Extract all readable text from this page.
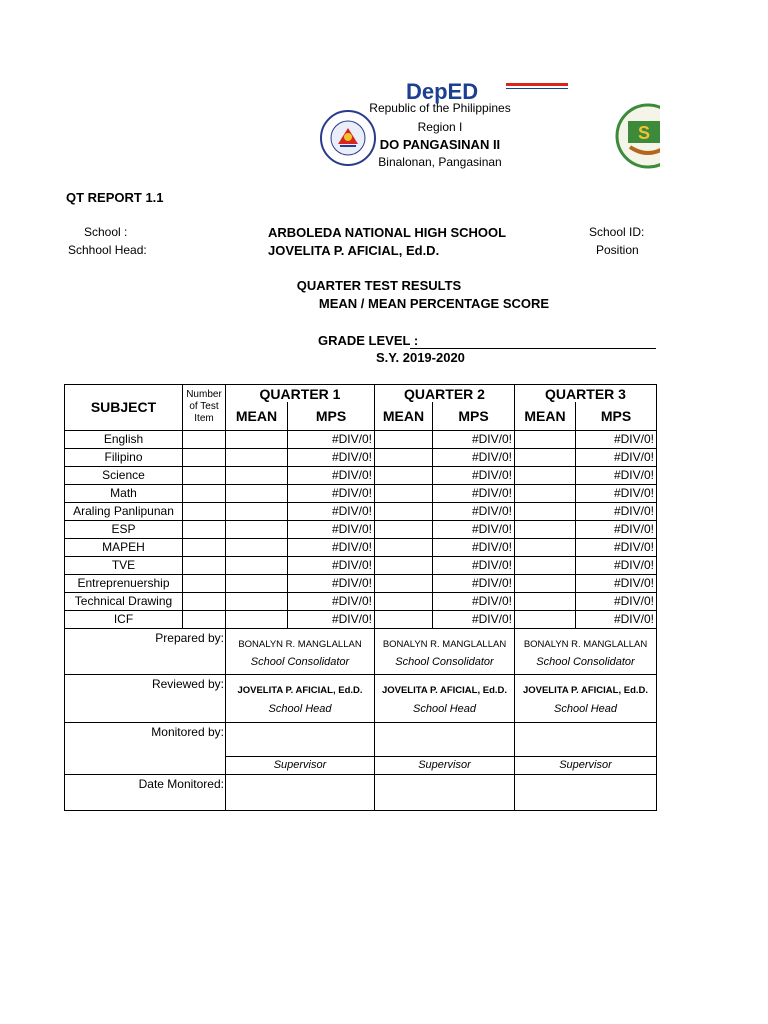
DepED
S
Republic of the Philippines
Region I
DO PANGASINAN II
Binalonan, Pangasinan
QT REPORT 1.1
School :	ARBOLEDA NATIONAL HIGH SCHOOL	School ID:
Schhool Head:	JOVELITA P. AFICIAL, Ed.D.	Position
QUARTER TEST RESULTS
MEAN / MEAN PERCENTAGE SCORE
GRADE LEVEL :
S.Y. 2019-2020
SUBJECT	Number
of Test
Item	QUARTER 1		QUARTER 2		QUARTER 3	
		MEAN	MPS	MEAN	MPS	MEAN	MPS

English			#DIV/0!		#DIV/0!		#DIV/0!
Filipino			#DIV/0!		#DIV/0!		#DIV/0!
Science			#DIV/0!		#DIV/0!		#DIV/0!
Math			#DIV/0!		#DIV/0!		#DIV/0!
Araling Panlipunan			#DIV/0!		#DIV/0!		#DIV/0!
ESP			#DIV/0!		#DIV/0!		#DIV/0!
MAPEH			#DIV/0!		#DIV/0!		#DIV/0!
TVE			#DIV/0!		#DIV/0!		#DIV/0!
Entreprenuership			#DIV/0!		#DIV/0!		#DIV/0!
Technical Drawing			#DIV/0!		#DIV/0!		#DIV/0!
ICF			#DIV/0!		#DIV/0!		#DIV/0!
Prepared by:		BONALYN R. MANGLALLAN		BONALYN R. MANGLALLAN		BONALYN R. MANGLALLAN	
		School Consolidator		School Consolidator		School Consolidator	
Reviewed by:		JOVELITA P. AFICIAL, Ed.D.		JOVELITA P. AFICIAL, Ed.D.		JOVELITA P. AFICIAL, Ed.D.	
		School Head		School Head		School Head	
Monitored by:							
		Supervisor		Supervisor		Supervisor	
Date Monitored:							
